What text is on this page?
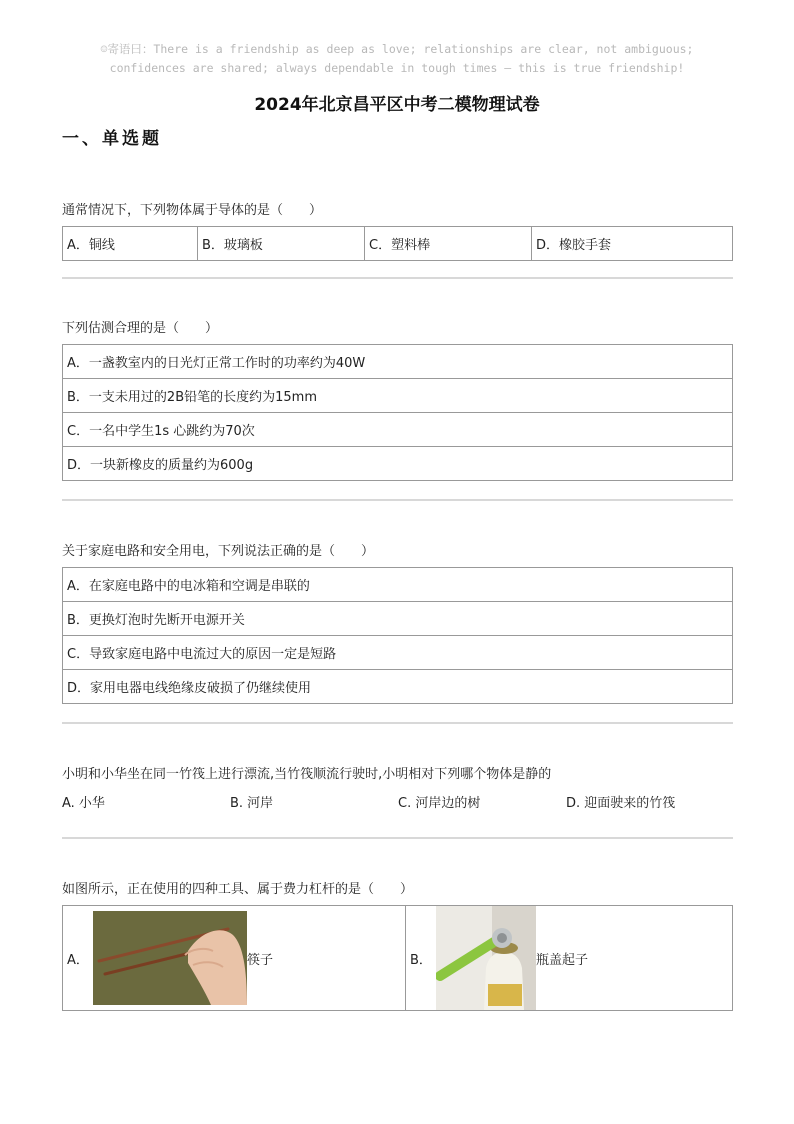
☺寄语曰：There is a friendship as deep as love; relationships are clear, not ambiguous;
confidences are shared; always dependable in tough times — this is true friendship!
2024年北京昌平区中考二模物理试卷
一、单选题
通常情况下，下列物体属于导体的是（　　）
A．铜线	B．玻璃板	C．塑料棒	D．橡胶手套
下列估测合理的是（　　）
A．一盏教室内的日光灯正常工作时的功率约为40W
B．一支未用过的2B铅笔的长度约为15mm
C．一名中学生1s 心跳约为70次
D．一块新橡皮的质量约为600g
关于家庭电路和安全用电，下列说法正确的是（　　）
A．在家庭电路中的电冰箱和空调是串联的
B．更换灯泡时先断开电源开关
C．导致家庭电路中电流过大的原因一定是短路
D．家用电器电线绝缘皮破损了仍继续使用
小明和小华坐在同一竹筏上进行漂流,当竹筏顺流行驶时,小明相对下列哪个物体是静的
A. 小华	B. 河岸	C. 河岸边的树	D. 迎面驶来的竹筏
如图所示，正在使用的四种工具、属于费力杠杆的是（　　）
A．	筷子	B．	瓶盖起子
